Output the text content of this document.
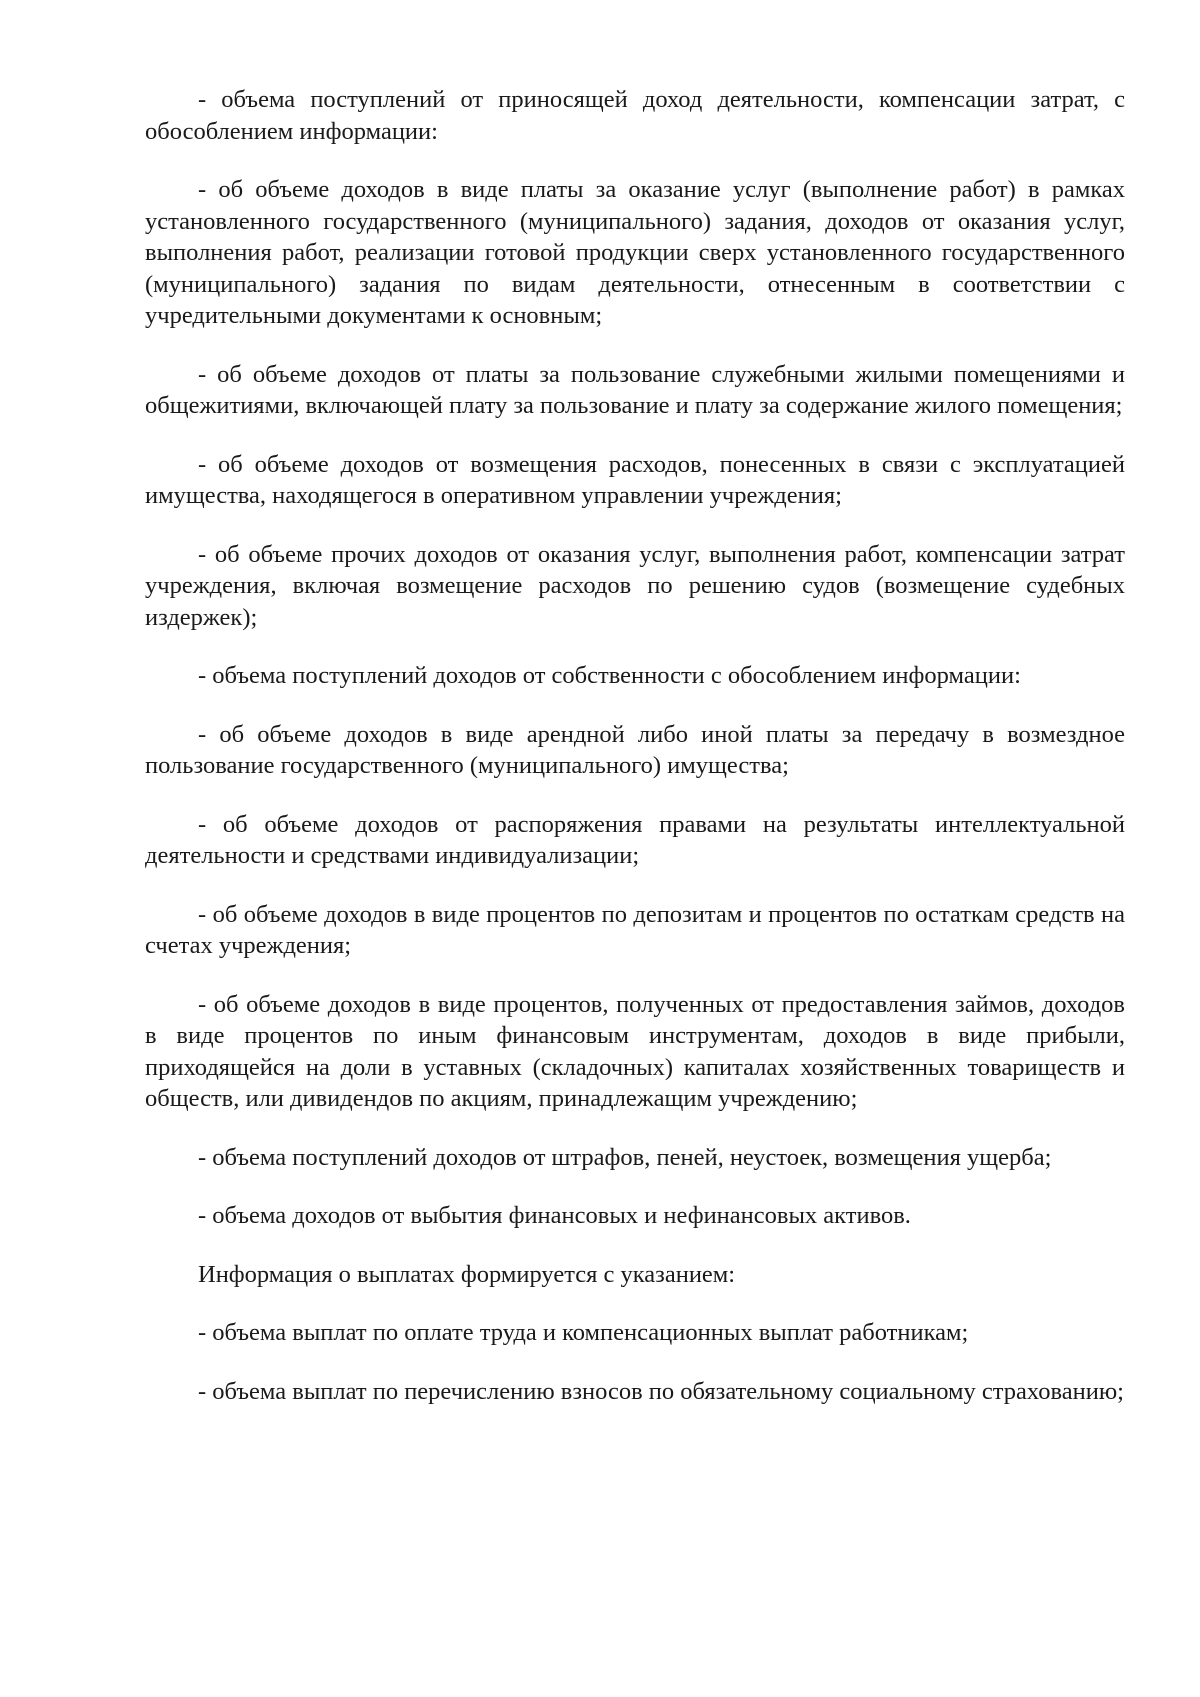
- объема поступлений от приносящей доход деятельности, компенсации затрат, с обособлением информации:

- об объеме доходов в виде платы за оказание услуг (выполнение работ) в рамках установленного государственного (муниципального) задания, доходов от оказания услуг, выполнения работ, реализации готовой продукции сверх установленного государственного (муниципального) задания по видам деятельности, отнесенным в соответствии с учредительными документами к основным;

- об объеме доходов от платы за пользование служебными жилыми помещениями и общежитиями, включающей плату за пользование и плату за содержание жилого помещения;

- об объеме доходов от возмещения расходов, понесенных в связи с эксплуатацией имущества, находящегося в оперативном управлении учреждения;

- об объеме прочих доходов от оказания услуг, выполнения работ, компенсации затрат учреждения, включая возмещение расходов по решению судов (возмещение судебных издержек);

- объема поступлений доходов от собственности с обособлением информации:

- об объеме доходов в виде арендной либо иной платы за передачу в возмездное пользование государственного (муниципального) имущества;

- об объеме доходов от распоряжения правами на результаты интеллектуальной деятельности и средствами индивидуализации;

- об объеме доходов в виде процентов по депозитам и процентов по остаткам средств на счетах учреждения;

- об объеме доходов в виде процентов, полученных от предоставления займов, доходов в виде процентов по иным финансовым инструментам, доходов в виде прибыли, приходящейся на доли в уставных (складочных) капиталах хозяйственных товариществ и обществ, или дивидендов по акциям, принадлежащим учреждению;

- объема поступлений доходов от штрафов, пеней, неустоек, возмещения ущерба;

- объема доходов от выбытия финансовых и нефинансовых активов.

Информация о выплатах формируется с указанием:

- объема выплат по оплате труда и компенсационных выплат работникам;

- объема выплат по перечислению взносов по обязательному социальному страхованию;
